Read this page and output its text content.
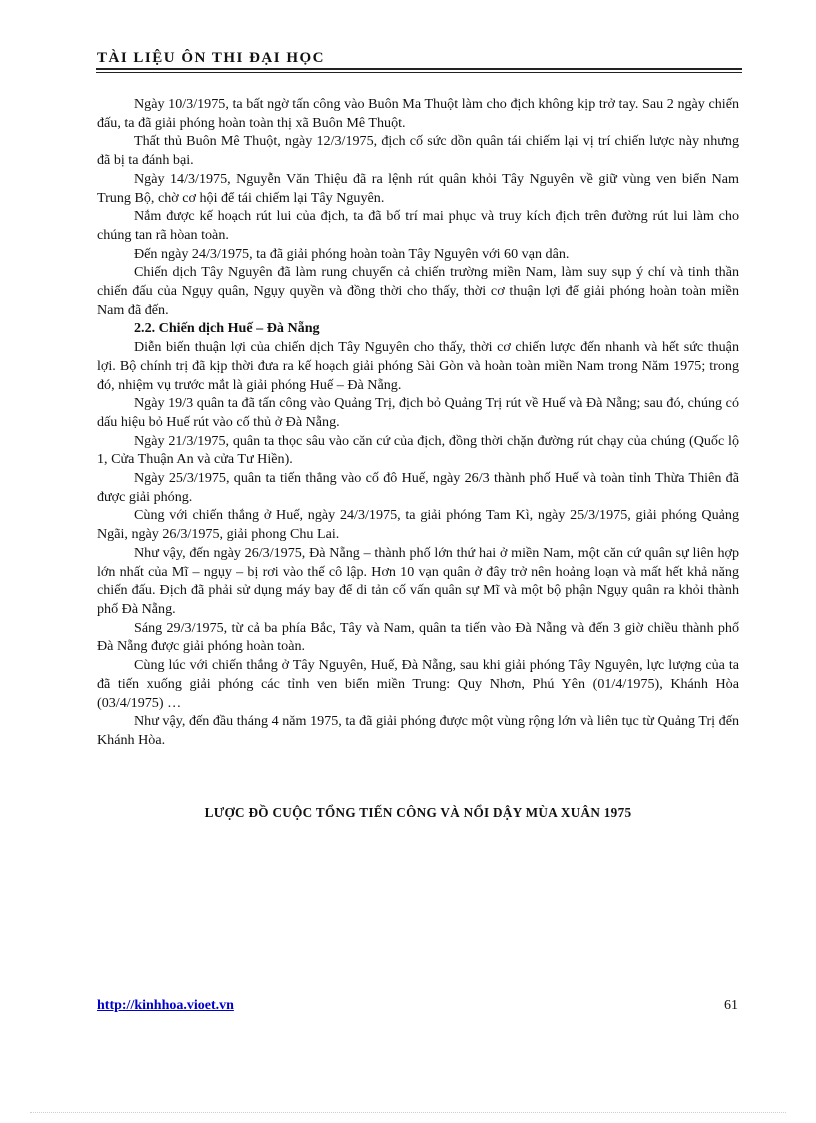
TÀI LIỆU ÔN THI ĐẠI HỌC

Ngày 10/3/1975, ta bất ngờ tấn công vào Buôn Ma Thuột làm cho địch không kịp trở tay. Sau 2 ngày chiến đấu, ta đã giải phóng hoàn toàn thị xã Buôn Mê Thuột.

Thất thủ Buôn Mê Thuột, ngày 12/3/1975, địch cố sức dồn quân tái chiếm lại vị trí chiến lược này nhưng đã bị ta đánh bại.

Ngày 14/3/1975, Nguyễn Văn Thiệu đã ra lệnh rút quân khỏi Tây Nguyên về giữ vùng ven biển Nam Trung Bộ, chờ cơ hội để tái chiếm lại Tây Nguyên.

Nắm được kế hoạch rút lui của địch, ta đã bố trí mai phục và truy kích địch trên đường rút lui làm cho chúng tan rã hòan toàn.

Đến ngày 24/3/1975, ta đã giải phóng hoàn toàn Tây Nguyên với 60 vạn dân.

Chiến dịch Tây Nguyên đã làm rung chuyển cả chiến trường miền Nam, làm suy sụp ý chí và tinh thần chiến đấu của Ngụy quân, Ngụy quyền và đồng thời cho thấy, thời cơ thuận lợi để giải phóng hoàn toàn miền Nam đã đến.

2.2. Chiến dịch Huế – Đà Nẵng

Diễn biến thuận lợi của chiến dịch Tây Nguyên cho thấy, thời cơ chiến lược đến nhanh và hết sức thuận lợi. Bộ chính trị đã kịp thời đưa ra kế hoạch giải phóng Sài Gòn và hoàn toàn miền Nam trong Năm 1975; trong đó, nhiệm vụ trước mắt là giải phóng Huế – Đà Nẵng.

Ngày 19/3 quân ta đã tấn công vào Quảng Trị, địch bỏ Quảng Trị rút về Huế và Đà Nẵng; sau đó, chúng có dấu hiệu bỏ Huế rút vào cố thủ ở Đà Nẵng.

Ngày 21/3/1975, quân ta thọc sâu vào căn cứ của địch, đồng thời chặn đường rút chạy của chúng (Quốc lộ 1, Cửa Thuận An và cửa Tư Hiền).

Ngày 25/3/1975, quân ta tiến thẳng vào cố đô Huế, ngày 26/3 thành phố Huế và toàn tỉnh Thừa Thiên đã được giải phóng.

Cùng với chiến thắng ở Huế, ngày 24/3/1975, ta giải phóng Tam Kì, ngày 25/3/1975, giải phóng Quảng Ngãi, ngày 26/3/1975, giải phong Chu Lai.

Như vậy, đến ngày 26/3/1975, Đà Nẵng – thành phố lớn thứ hai ở miền Nam, một căn cứ quân sự liên hợp lớn nhất của Mĩ – ngụy – bị rơi vào thế cô lập. Hơn 10 vạn quân ở đây trở nên hoảng loạn và mất hết khả năng chiến đấu. Địch đã phải sử dụng máy bay để di tản cố vấn quân sự Mĩ và một bộ phận Ngụy quân ra khỏi thành phố Đà Nẵng.

Sáng 29/3/1975, từ cả ba phía Bắc, Tây và Nam, quân ta tiến vào Đà Nẵng và đến 3 giờ chiều thành phố Đà Nẵng được giải phóng hoàn toàn.

Cùng lúc với chiến thắng ở Tây Nguyên, Huế, Đà Nẵng, sau khi giải phóng Tây Nguyên, lực lượng của ta đã tiến xuống giải phóng các tỉnh ven biển miền Trung: Quy Nhơn, Phú Yên (01/4/1975), Khánh Hòa (03/4/1975) …

Như vậy, đến đầu tháng 4 năm 1975, ta đã giải phóng được một vùng rộng lớn và liên tục từ Quảng Trị đến Khánh Hòa.

LƯỢC ĐỒ CUỘC TỔNG TIẾN CÔNG VÀ NỔI DẬY MÙA XUÂN 1975
http://kinhhoa.vioet.vn	61
